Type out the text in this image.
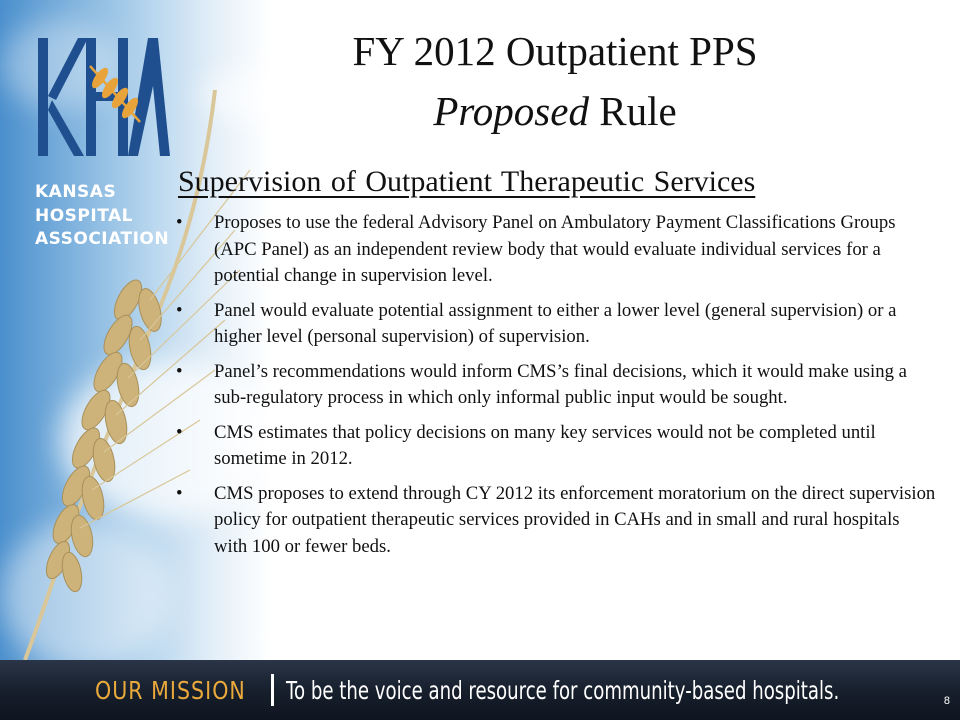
KANSAS
HOSPITAL
ASSOCIATION
FY 2012 Outpatient PPS
Proposed Rule
Supervision of Outpatient Therapeutic Services
• Proposes to use the federal Advisory Panel on Ambulatory Payment Classifications Groups (APC Panel) as an independent review body that would evaluate individual services for a potential change in supervision level.
• Panel would evaluate potential assignment to either a lower level (general supervision) or a higher level (personal supervision) of supervision.
• Panel’s recommendations would inform CMS’s final decisions, which it would make using a sub-regulatory process in which only informal public input would be sought.
• CMS estimates that policy decisions on many key services would not be completed until sometime in 2012.
• CMS proposes to extend through CY 2012 its enforcement moratorium on the direct supervision policy for outpatient therapeutic services provided in CAHs and in small and rural hospitals with 100 or fewer beds.
OUR MISSION To be the voice and resource for community-based hospitals.	8
